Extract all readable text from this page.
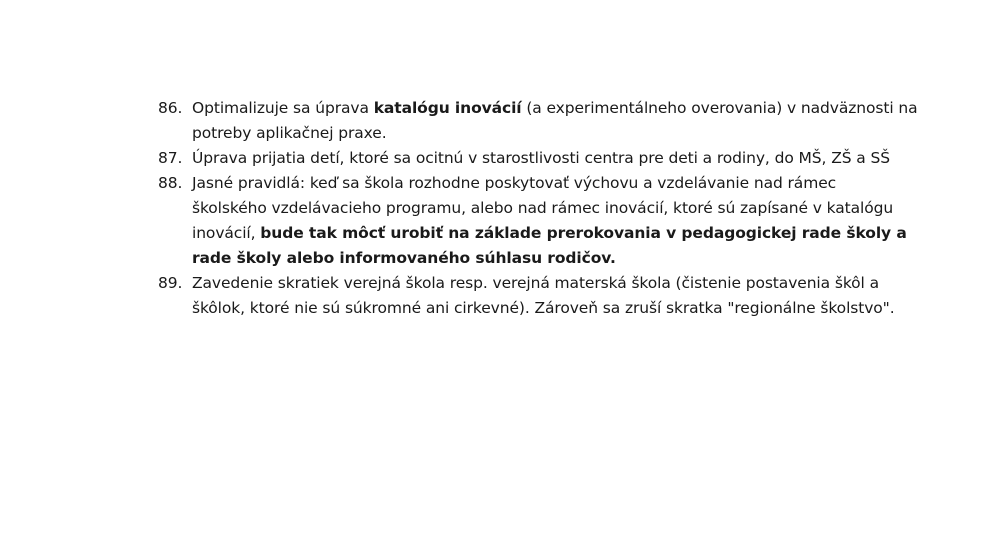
86. Optimalizuje sa úprava katalógu inovácií (a experimentálneho overovania) v nadväznosti na potreby aplikačnej praxe.
87. Úprava prijatia detí, ktoré sa ocitnú v starostlivosti centra pre deti a rodiny, do MŠ, ZŠ a SŠ
88. Jasné pravidlá: keď sa škola rozhodne poskytovať výchovu a vzdelávanie nad rámec školského vzdelávacieho programu, alebo nad rámec inovácií, ktoré sú zapísané v katalógu inovácií, bude tak môcť urobiť na základe prerokovania v pedagogickej rade školy a rade školy alebo informovaného súhlasu rodičov.
89. Zavedenie skratiek verejná škola resp. verejná materská škola (čistenie postavenia škôl a škôlok, ktoré nie sú súkromné ani cirkevné). Zároveň sa zruší skratka "regionálne školstvo".
